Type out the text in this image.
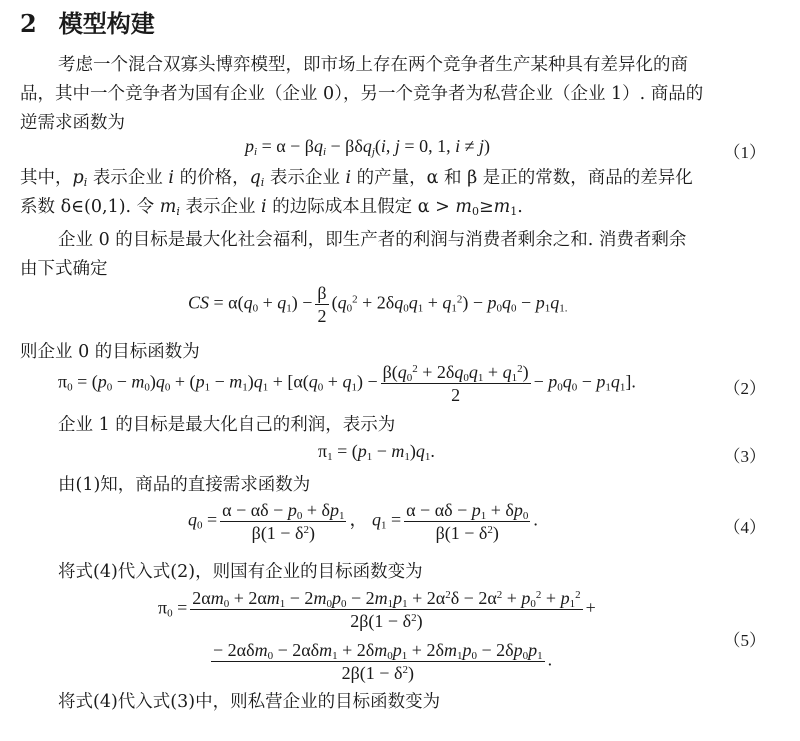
2 模型构建
考虑一个混合双寡头博弈模型，即市场上存在两个竞争者生产某种具有差异化的商
品，其中一个竞争者为国有企业（企业 0），另一个竞争者为私营企业（企业 1）. 商品的
逆需求函数为
$p_i = \alpha - \beta q_i - \beta\delta q_j(i$, j = 0, 1, i ≠ j)	（1）
其中，$p_i$ 表示企业 i 的价格，$q_i$ 表示企业 i 的产量，α 和 β 是正的常数，商品的差异化
系数 δ∈(0,1). 令 $m_i$ 表示企业 i 的边际成本且假定 $\alpha > m_0\ge m_1$.
企业 0 的目标是最大化社会福利，即生产者的利润与消费者剩余之和. 消费者剩余
由下式确定
CS = $\alpha(q_0 + q_1) - \frac{\beta}{2} (q_0^2 + 2\delta q_0q_1 + q_1^2) - p_0q_0 - p_1q_{1.}$
则企业 0 的目标函数为
$\pi_0 = (p_0 - m_0)q_0 + (p_1 - m_1)q_1 + [\alpha(q_0 + q_1) - \frac{\beta(q_0^2 + 2\delta q_0q_1 + q_1^2)}{2} - p_0q_0 - p_1q_1]$.	（2）
企业 1 的目标是最大化自己的利润，表示为
$\pi_1 = (p_1 - m_1)q_1$.	（3）
由(1)知，商品的直接需求函数为
$q_0 = \frac{\alpha - \alpha\delta - p_0 + \delta p_1}{\beta(1 - \delta^2)}$ ， $q_1 = \frac{\alpha - \alpha\delta - p_1 + \delta p_0}{\beta(1 - \delta^2)}$ .	（4）
将式(4)代入式(2)，则国有企业的目标函数变为
$\pi_0 = \frac{2\alpha m_0 + 2\alpha m_1 - 2m_0p_0 - 2m_1p_1 + 2\alpha^2\delta - 2\alpha^2 + p_0^2 + p_1^2}{2\beta(1 - \delta^2)}$ +
$\frac{- 2\alpha\delta m_0 - 2\alpha\delta m_1 + 2\delta m_0p_1 + 2\delta m_1p_0 - 2\delta p_0p_1}{2\beta(1 - \delta^2)}$ .
（5）
将式(4)代入式(3)中，则私营企业的目标函数变为
